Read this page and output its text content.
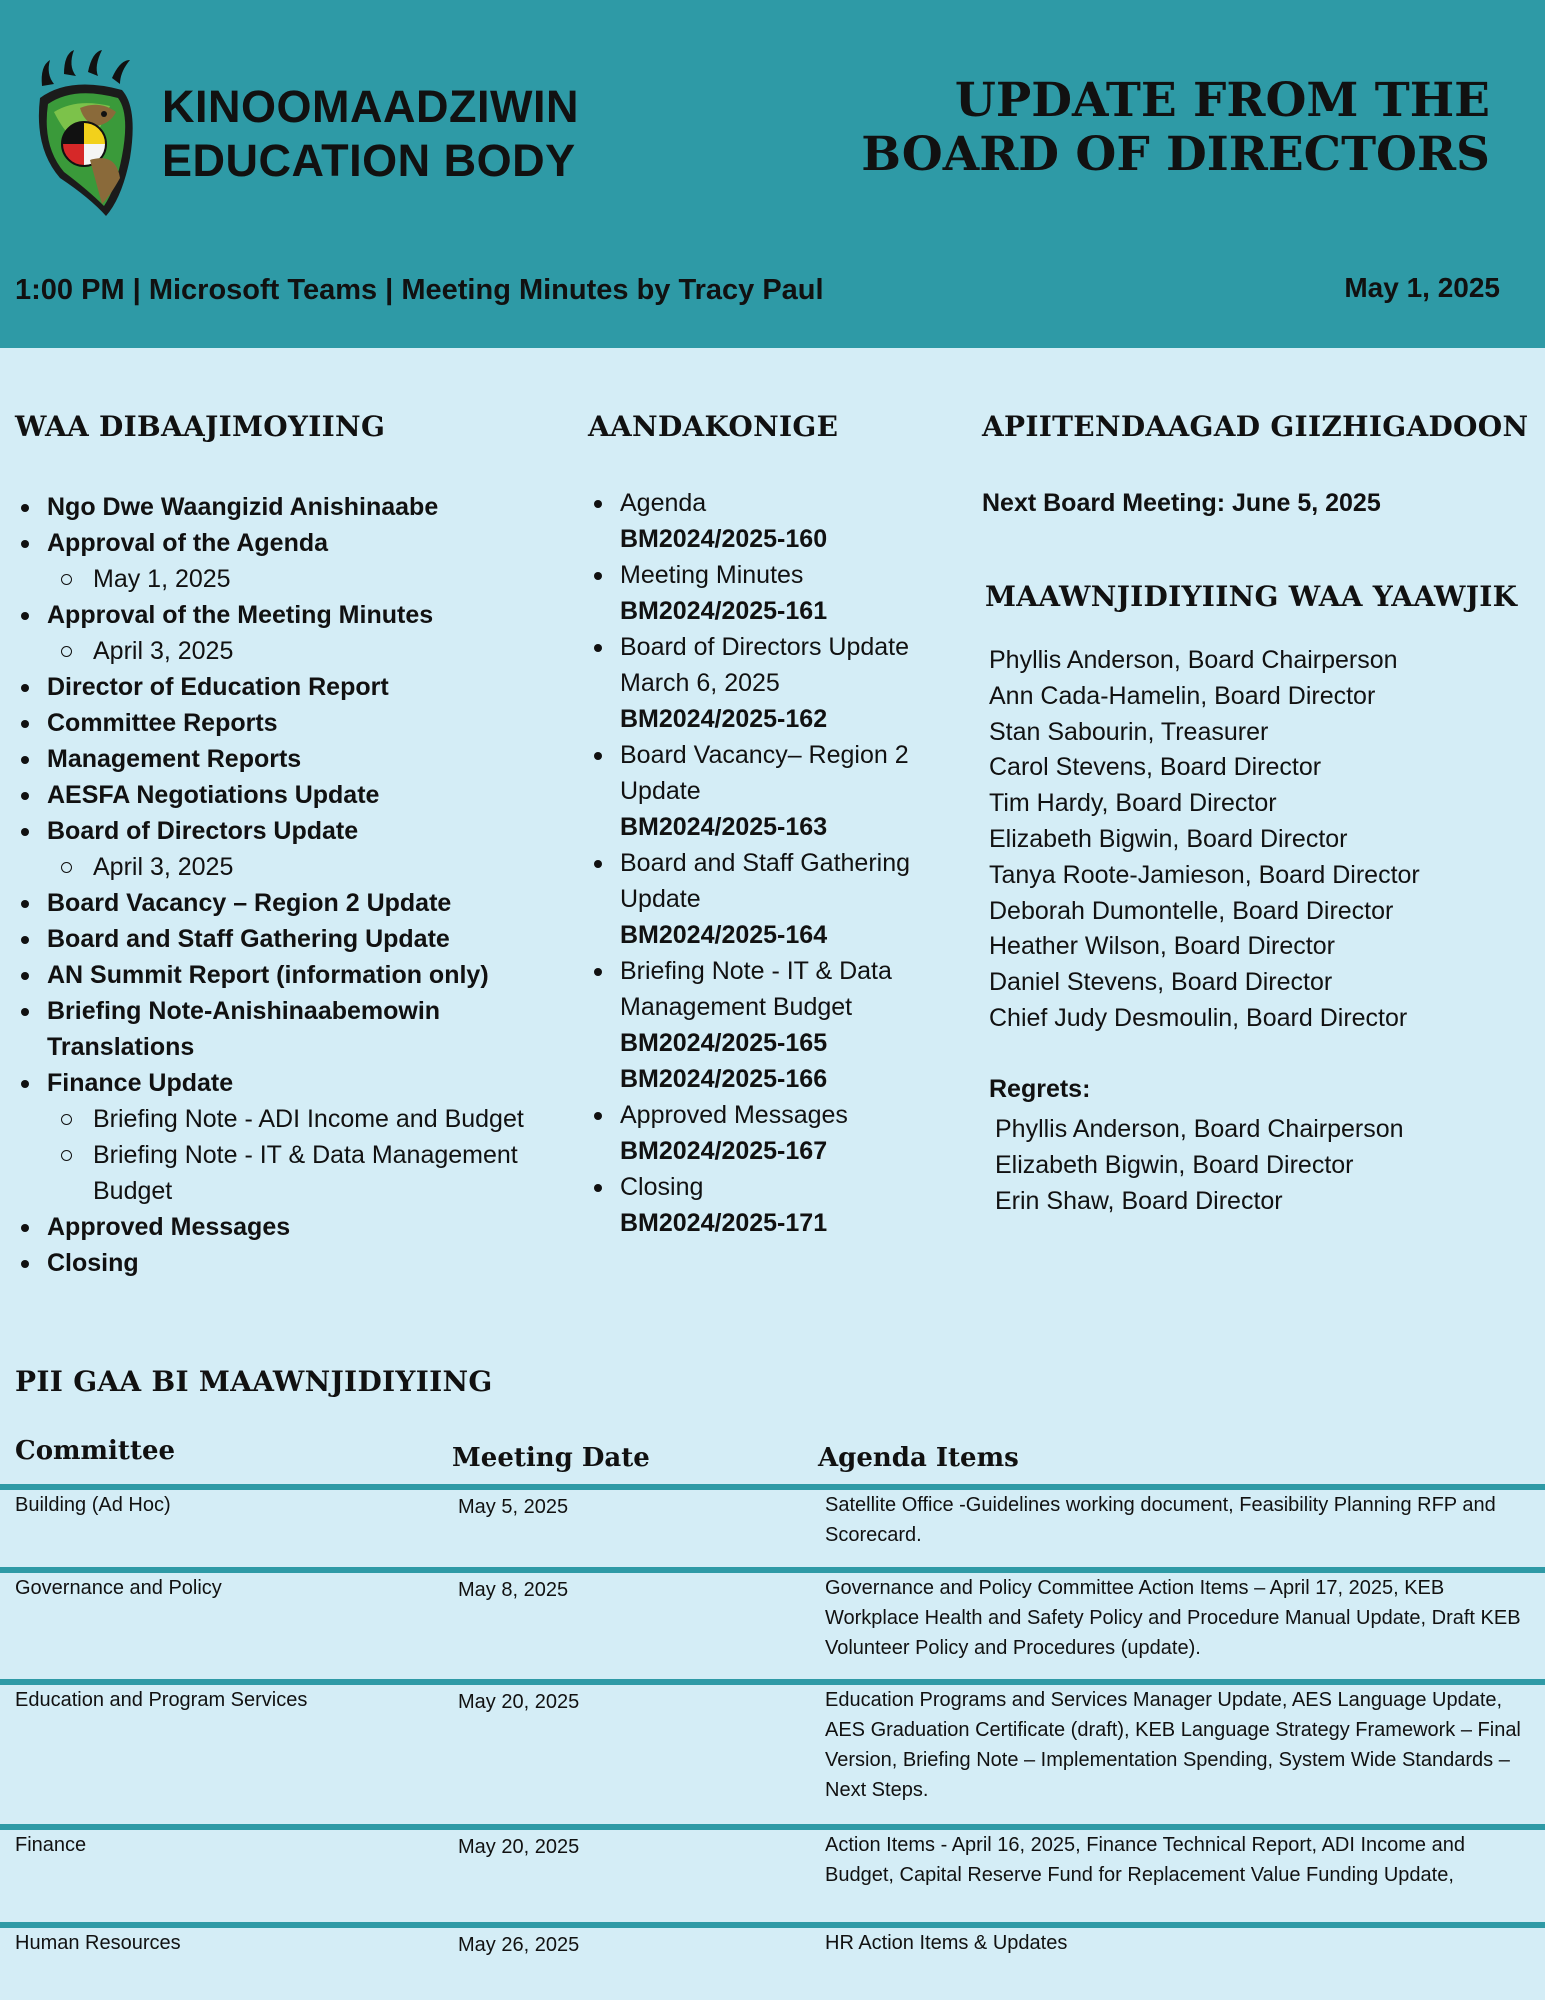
KINOOMAADZIWIN
EDUCATION BODY
UPDATE FROM THE
BOARD OF DIRECTORS
1:00 PM | Microsoft Teams | Meeting Minutes by Tracy Paul	May 1, 2025
WAA DIBAAJIMOYIING
Ngo Dwe Waangizid Anishinaabe
Approval of the Agenda
May 1, 2025
Approval of the Meeting Minutes
April 3, 2025
Director of Education Report
Committee Reports
Management Reports
AESFA Negotiations Update
Board of Directors Update
April 3, 2025
Board Vacancy – Region 2 Update
Board and Staff Gathering Update
AN Summit Report (information only)
Briefing Note-Anishinaabemowin Translations
Finance Update
Briefing Note - ADI Income and Budget
Briefing Note - IT & Data Management Budget
Approved Messages
Closing
AANDAKONIGE
Agenda
BM2024/2025-160
Meeting Minutes
BM2024/2025-161
Board of Directors Update March 6, 2025
BM2024/2025-162
Board Vacancy– Region 2 Update
BM2024/2025-163
Board and Staff Gathering Update
BM2024/2025-164
Briefing Note - IT & Data Management Budget
BM2024/2025-165
BM2024/2025-166
Approved Messages
BM2024/2025-167
Closing
BM2024/2025-171
APIITENDAAGAD GIIZHIGADOON
Next Board Meeting: June 5, 2025
MAAWNJIDIYIING WAA YAAWJIK
Phyllis Anderson, Board Chairperson
Ann Cada-Hamelin, Board Director
Stan Sabourin, Treasurer
Carol Stevens, Board Director
Tim Hardy, Board Director
Elizabeth Bigwin, Board Director
Tanya Roote-Jamieson, Board Director
Deborah Dumontelle, Board Director
Heather Wilson, Board Director
Daniel Stevens, Board Director
Chief Judy Desmoulin, Board Director
Regrets:
Phyllis Anderson, Board Chairperson
Elizabeth Bigwin, Board Director
Erin Shaw, Board Director
PII GAA BI MAAWNJIDIYIING
Committee	Meeting Date	Agenda Items
Building (Ad Hoc)	May 5, 2025	Satellite Office -Guidelines working document, Feasibility Planning RFP and Scorecard.
Governance and Policy	May 8, 2025	Governance and Policy Committee Action Items – April 17, 2025, KEB Workplace Health and Safety Policy and Procedure Manual Update, Draft KEB Volunteer Policy and Procedures (update).
Education and Program Services	May 20, 2025	Education Programs and Services Manager Update, AES Language Update, AES Graduation Certificate (draft), KEB Language Strategy Framework – Final Version, Briefing Note – Implementation Spending, System Wide Standards – Next Steps.
Finance	May 20, 2025	Action Items - April 16, 2025, Finance Technical Report, ADI Income and Budget, Capital Reserve Fund for Replacement Value Funding Update,
Human Resources	May 26, 2025	HR Action Items & Updates
